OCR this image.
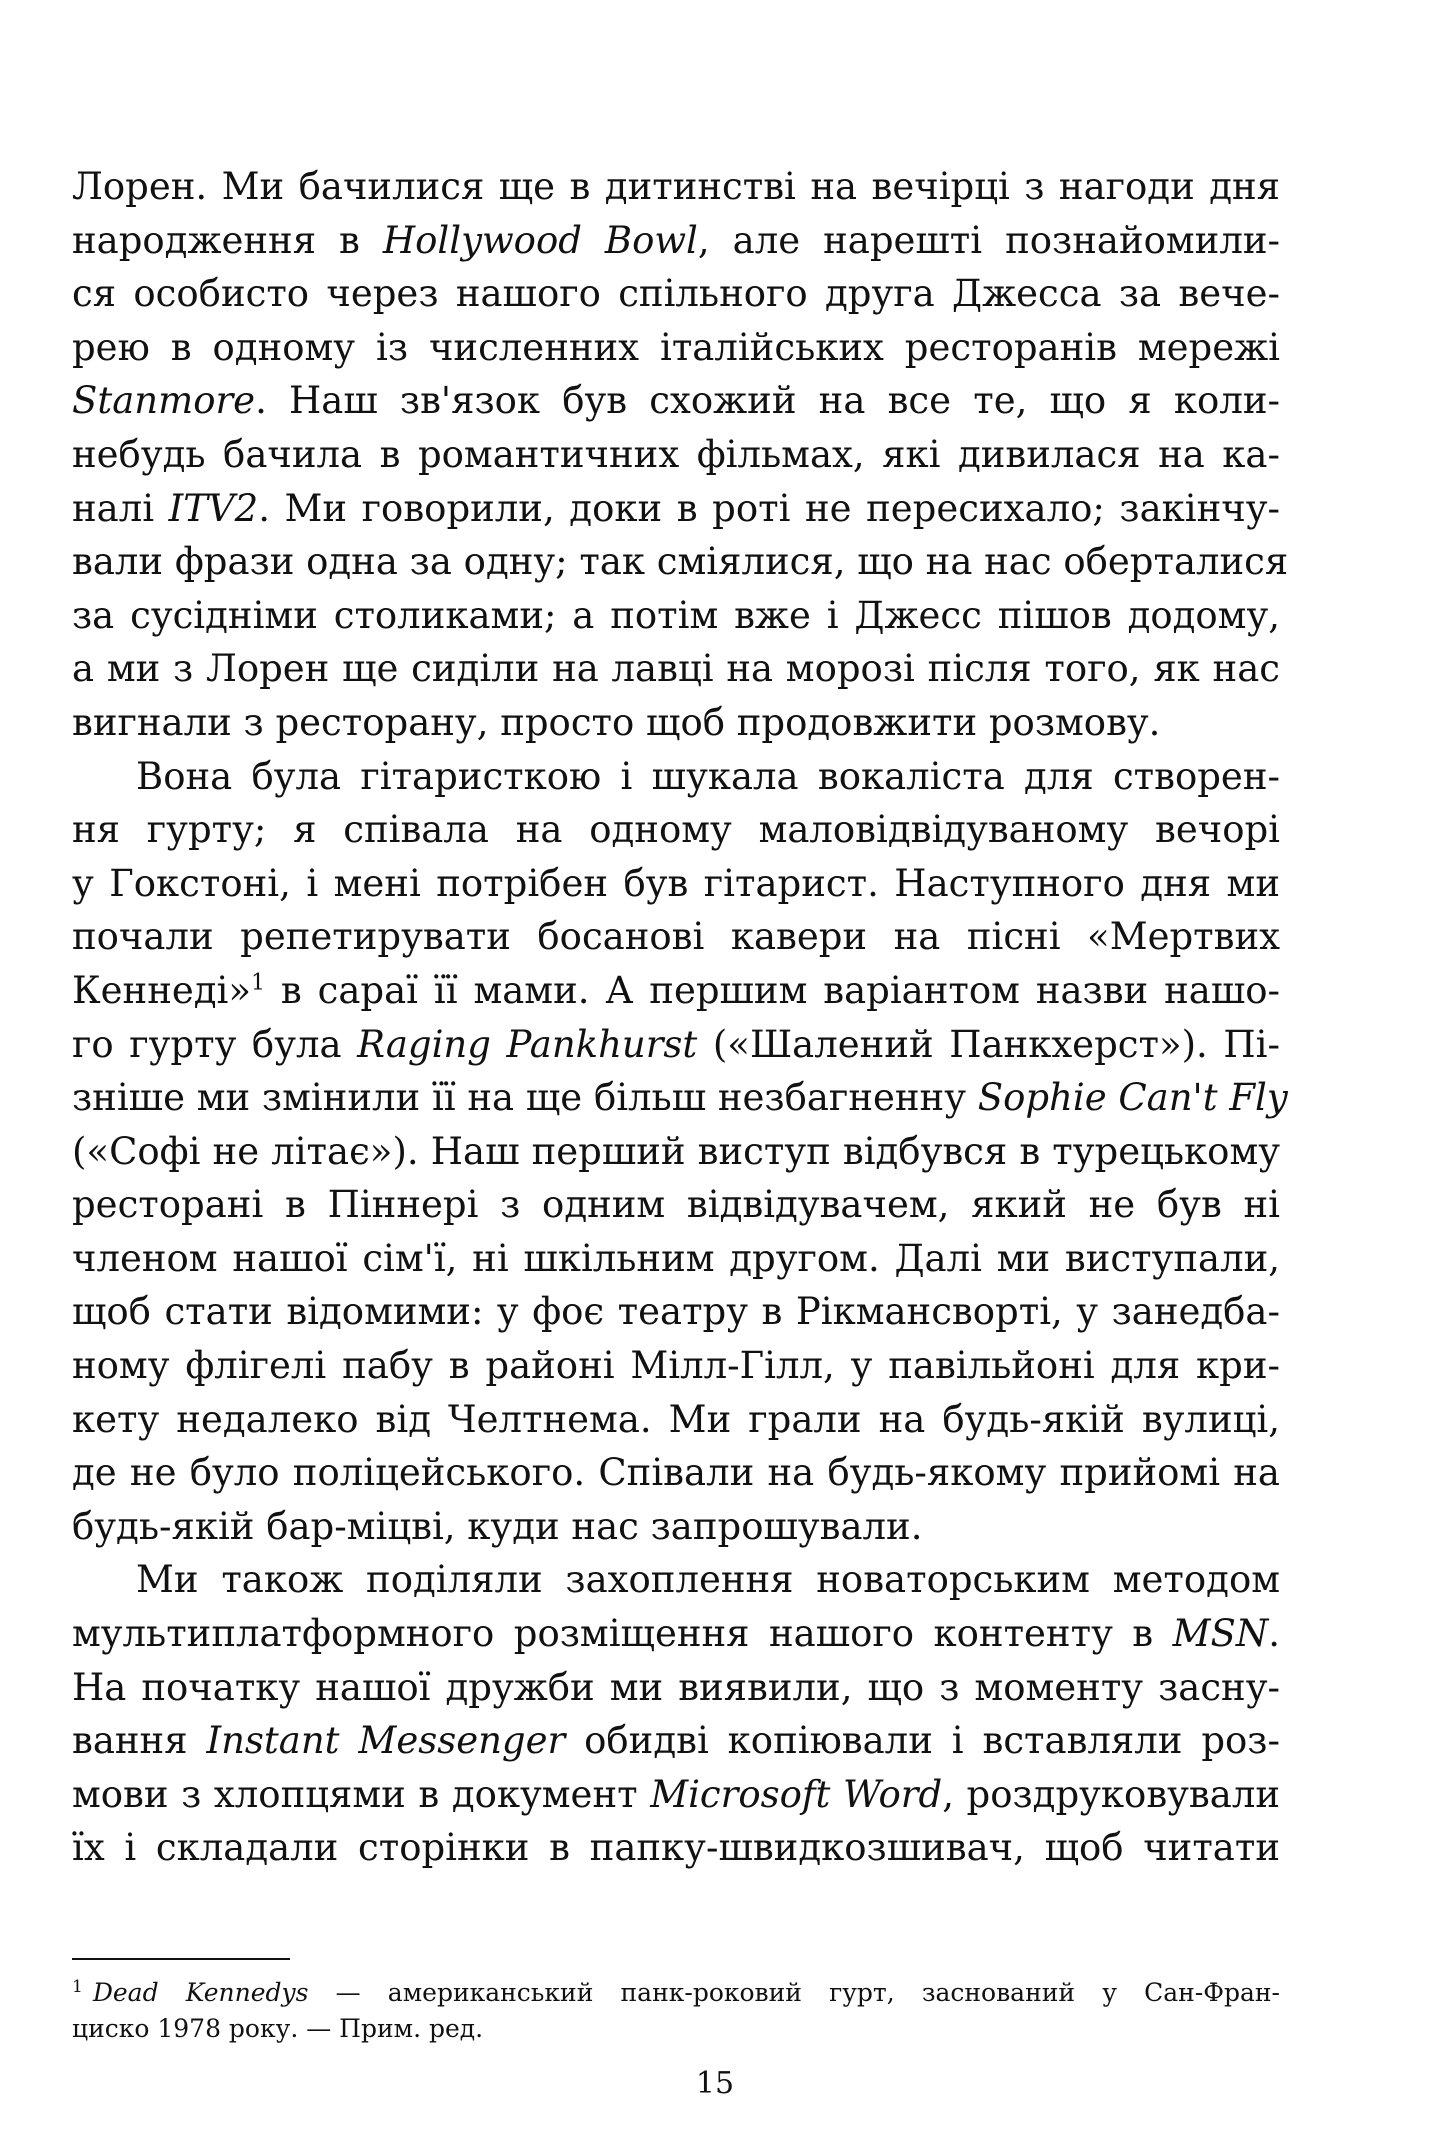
Лорен. Ми бачилися ще в дитинстві на вечірці з нагоди дня
народження в Hollywood Bowl, але нарешті познайомили-
ся особисто через нашого спільного друга Джесса за вече-
рею в одному із численних італійських ресторанів мережі
Stanmore. Наш зв'язок був схожий на все те, що я коли-
небудь бачила в романтичних фільмах, які дивилася на ка-
налі ITV2. Ми говорили, доки в роті не пересихало; закінчу-
вали фрази одна за одну; так сміялися, що на нас оберталися
за сусідніми столиками; а потім вже і Джесс пішов додому,
а ми з Лорен ще сиділи на лавці на морозі після того, як нас
вигнали з ресторану, просто щоб продовжити розмову.
Вона була гітаристкою і шукала вокаліста для створен-
ня гурту; я співала на одному маловідвідуваному вечорі
у Гокстоні, і мені потрібен був гітарист. Наступного дня ми
почали репетирувати босанові кавери на пісні «Мертвих
Кеннеді»$^1$ в сараї її мами. А першим варіантом назви нашо-
го гурту була Raging Pankhurst («Шалений Панкхерст»). Пі-
зніше ми змінили її на ще більш незбагненну Sophie Can't Fly
(«Софі не літає»). Наш перший виступ відбувся в турецькому
ресторані в Піннері з одним відвідувачем, який не був ні
членом нашої сім'ї, ні шкільним другом. Далі ми виступали,
щоб стати відомими: у фоє театру в Рікмансворті, у занедба-
ному флігелі пабу в районі Мілл-Гілл, у павільйоні для кри-
кету недалеко від Челтнема. Ми грали на будь-якій вулиці,
де не було поліцейського. Співали на будь-якому прийомі на
будь-якій бар-міцві, куди нас запрошували.
Ми також поділяли захоплення новаторським методом
мультиплатформного розміщення нашого контенту в MSN.
На початку нашої дружби ми виявили, що з моменту засну-
вання Instant Messenger обидві копіювали і вставляли роз-
мови з хлопцями в документ Microsoft Word, роздруковували
їх і складали сторінки в папку-швидкозшивач, щоб читати
$^1$ Dead Kennedys — американський панк-роковий гурт, заснований у Сан-Фран-
циско 1978 року. — Прим. ред.
15
